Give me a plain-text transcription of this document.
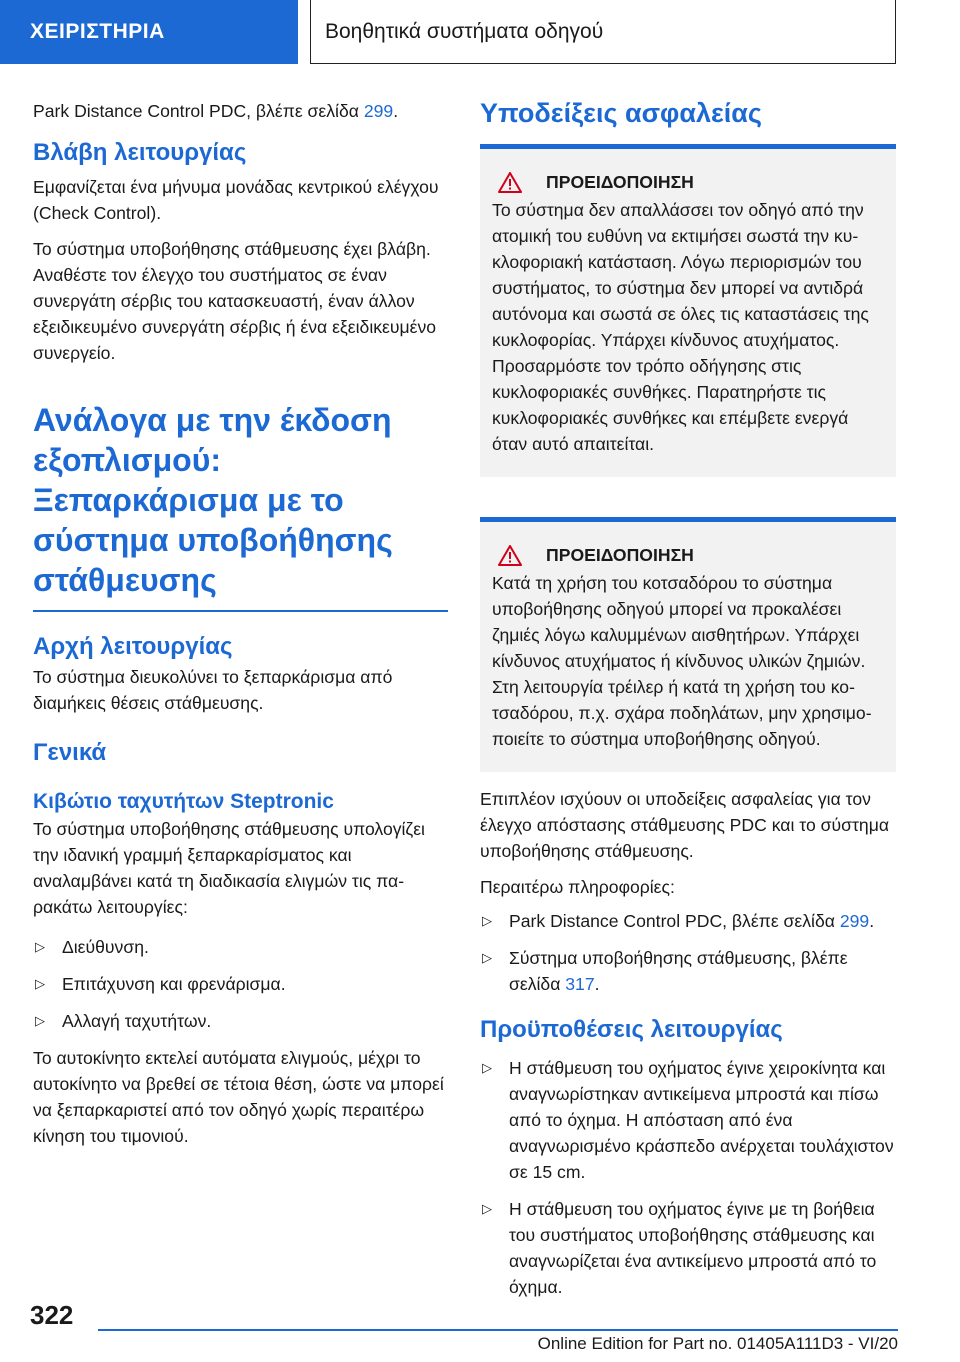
ΧΕΙΡΙΣΤΗΡΙΑ	Βοηθητικά συστήματα οδηγού

Park Distance Control PDC, βλέπε σελίδα 299.

Βλάβη λειτουργίας

Εμφανίζεται ένα μήνυμα μονάδας κεντρικού ελέγχου (Check Control).

Το σύστημα υποβοήθησης στάθμευσης έχει βλάβη. Αναθέστε τον έλεγχο του συστήματος σε έναν συνεργάτη σέρβις του κατασκευαστή, έναν άλλον εξειδικευμένο συνεργάτη σέρβις ή ένα εξειδικευμένο συνεργείο.

Ανάλογα με την έκδοση εξοπλισμού: Ξεπαρκάρισμα με το σύστημα υποβοήθησης στάθμευσης
Αρχή λειτουργίας

Το σύστημα διευκολύνει το ξεπαρκάρισμα από διαμήκεις θέσεις στάθμευσης.

Γενικά
Κιβώτιο ταχυτήτων Steptronic

Το σύστημα υποβοήθησης στάθμευσης υπολογίζει την ιδανική γραμμή ξεπαρκαρίσματος και αναλαμβάνει κατά τη διαδικασία ελιγμών τις παρακάτω λειτουργίες:

▷ Διεύθυνση.
▷ Επιτάχυνση και φρενάρισμα.
▷ Αλλαγή ταχυτήτων.

Το αυτοκίνητο εκτελεί αυτόματα ελιγμούς, μέχρι το αυτοκίνητο να βρεθεί σε τέτοια θέση, ώστε να μπορεί να ξεπαρκαριστεί από τον οδηγό χωρίς περαιτέρω κίνηση του τιμονιού.

Υποδείξεις ασφαλείας
ΠΡΟΕΙΔΟΠΟΙΗΣΗ

Το σύστημα δεν απαλλάσσει τον οδηγό από την ατομική του ευθύνη να εκτιμήσει σωστά την κυκλοφοριακή κατάσταση. Λόγω περιορισμών του συστήματος, το σύστημα δεν μπορεί να αντιδρά αυτόνομα και σωστά σε όλες τις καταστάσεις της κυκλοφορίας. Υπάρχει κίνδυνος ατυχήματος. Προσαρμόστε τον τρόπο οδήγησης στις κυκλοφοριακές συνθήκες. Παρατηρήστε τις κυκλοφοριακές συνθήκες και επέμβετε ενεργά όταν αυτό απαιτείται.

ΠΡΟΕΙΔΟΠΟΙΗΣΗ

Κατά τη χρήση του κοτσαδόρου το σύστημα υποβοήθησης οδηγού μπορεί να προκαλέσει ζημιές λόγω καλυμμένων αισθητήρων. Υπάρχει κίνδυνος ατυχήματος ή κίνδυνος υλικών ζημιών. Στη λειτουργία τρέιλερ ή κατά τη χρήση του κοτσαδόρου, π.χ. σχάρα ποδηλάτων, μην χρησιμοποιείτε το σύστημα υποβοήθησης οδηγού.

Επιπλέον ισχύουν οι υποδείξεις ασφαλείας για τον έλεγχο απόστασης στάθμευσης PDC και το σύστημα υποβοήθησης στάθμευσης.

Περαιτέρω πληροφορίες:

▷ Park Distance Control PDC, βλέπε σελίδα 299.
▷ Σύστημα υποβοήθησης στάθμευσης, βλέπε σελίδα 317.
Προϋποθέσεις λειτουργίας
▷ Η στάθμευση του οχήματος έγινε χειροκίνητα και αναγνωρίστηκαν αντικείμενα μπροστά και πίσω από το όχημα. Η απόσταση από ένα αναγνωρισμένο κράσπεδο ανέρχεται τουλάχιστον σε 15 cm.
▷ Η στάθμευση του οχήματος έγινε με τη βοήθεια του συστήματος υποβοήθησης στάθμευσης και αναγνωρίζεται ένα αντικείμενο μπροστά από το όχημα.
322
Online Edition for Part no. 01405A111D3 - VI/20
